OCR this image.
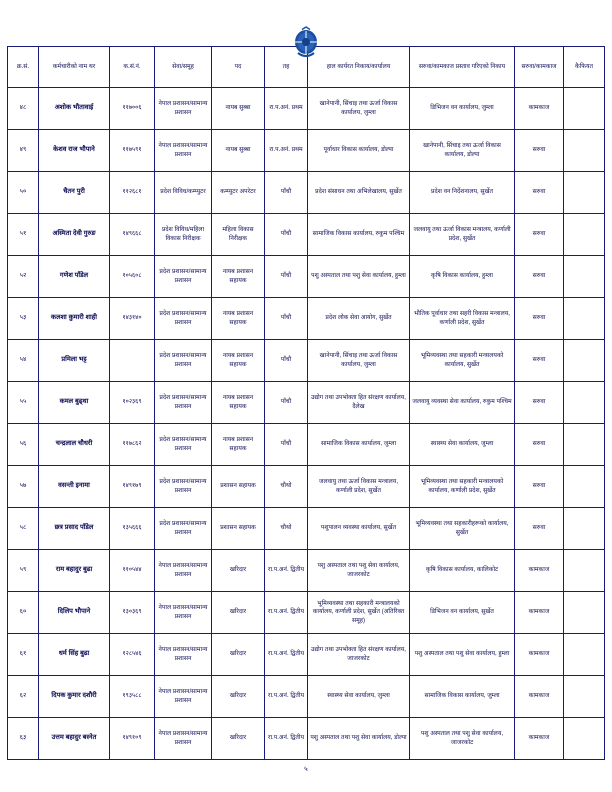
क्र.सं.	कर्मचारीको नाम थर	क.सं.नं.	सेवा/समूह	पद	तह	हाल कार्यरत निकाय/कार्यालय	सरुवा/कामकाज प्रस्ताव गरिएको निकाय	सरुवा/कामकाज	कैफियत
४८	अशोक भौतावाई	११७००६	नेपाल प्रशासन/सामान्य प्रशासन	नायब सुब्बा	रा.प.अनं. प्रथम	खानेपानी, सिंचाइ तथा ऊर्जा विकास कार्यालय, जुम्ला	डिभिजन वन कार्यालय, जुम्ला	कामकाज	
४९	केशव राज भौपाने	११७५९१	नेपाल प्रशासन/सामान्य प्रशासन	नायब सुब्बा	रा.प.अनं. प्रथम	पूर्वाधार विकास कार्यालय, डोल्पा	खानेपानी, सिंचाइ तथा ऊर्जा विकास कार्यालय, डोल्पा	सरुवा	
५०	चैतन पुरी	११२६८१	प्रदेश विविध/कम्प्युटर	कम्प्युटर अपरेटर	पाँचौ	प्रदेश संसाधन तथा अभिलेखालय, सुर्खेत	प्रदेश वन निर्देशनालय, सुर्खेत	सरुवा	
५१	अस्मिता देवी गुरुङ	१४९६६८	प्रदेश विविध/महिला विकास निरीक्षक	महिला विकास निरीक्षक	पाँचौ	सामाजिक विकास कार्यालय, रुकुम पश्चिम	जलवायु तथा ऊर्जा विकास मन्त्रालय, कर्णाली प्रदेश, सुर्खेत	सरुवा	
५२	गणेश पाँडेल	१०५६०८	प्रदेश प्रशासन/सामान्य प्रशासन	नायब प्रशासन सहायक	पाँचौ	पशु अस्पताल तथा पशु सेवा कार्यालय, हुम्ला	कृषि विकास कार्यालय, हुम्ला	सरुवा	
५३	कलशा कुमारी शाही	१४३१४०	प्रदेश प्रशासन/सामान्य प्रशासन	नायब प्रशासन सहायक	पाँचौ	प्रदेश लोक सेवा आयोग, सुर्खेत	भौतिक पूर्वाधार तथा सहरी विकास मन्त्रालय, कर्णाली प्रदेश, सुर्खेत	सरुवा	
५४	प्रमिला भट्ट		प्रदेश प्रशासन/सामान्य प्रशासन	नायब प्रशासन सहायक	पाँचौ	खानेपानी, सिंचाइ तथा ऊर्जा विकास कार्यालय, जुम्ला	भूमिव्यवस्था तथा सहकारी मन्त्रालयको कार्यालय, सुर्खेत	सरुवा	
५५	कमल बुढ्था	१०२३६९	प्रदेश प्रशासन/सामान्य प्रशासन	नायब प्रशासन सहायक	पाँचौ	उद्योग तथा उपभोक्ता हित संरक्षण कार्यालय, दैलेख	जलवायु व्यवस्था सेवा कार्यालय, रुकुम पश्चिम	सरुवा	
५६	चन्द्रलाल चौधरी	११७८६२	प्रदेश प्रशासन/सामान्य प्रशासन	नायब प्रशासन सहायक	पाँचौ	सामाजिक विकास कार्यालय, जुम्ला	स्वास्थ्य सेवा कार्यालय, जुम्ला	सरुवा	
५७	वसन्ती इनामा	१४९१७९	प्रदेश प्रशासन/सामान्य प्रशासन	प्रशासन सहायक	चौथो	जलवायु तथा ऊर्जा विकास मन्त्रालय, कर्णाली प्रदेश, सुर्खेत	भूमिव्यवस्था तथा सहकारी मन्त्रालयको कार्यालय, कर्णाली प्रदेश, सुर्खेत	सरुवा	
५८	छत्र प्रसाद पाँडेल	१३५६६६	प्रदेश प्रशासन/सामान्य प्रशासन	प्रशासन सहायक	चौथो	पशुपालन व्यवस्था कार्यालय, सुर्खेत	भूमिव्यवस्था तथा सहकारीहरूको कार्यालय, सुर्खेत	सरुवा	
५९	राम बहादुर बुढा	११०५४४	नेपाल प्रशासन/सामान्य प्रशासन	खरिदार	रा.प.अनं. द्वितीय	पशु अस्पताल तथा पशु सेवा कार्यालय, जाजरकोट	कृषि विकास कार्यालय, कालिकोट	कामकाज	
६०	दिलिप भौपाने	१३०३६९	नेपाल प्रशासन/सामान्य प्रशासन	खरिदार	रा.प.अनं. द्वितीय	भूमिव्यवस्था तथा सहकारी मन्त्रालयको कार्यालय, कर्णाली प्रदेश, सुर्खेत (अतिरिक्त समूह)	डिभिजन वन कार्यालय, सुर्खेत	कामकाज	
६१	धर्म सिंह बुढा	१२८५४६	नेपाल प्रशासन/सामान्य प्रशासन	खरिदार	रा.प.अनं. द्वितीय	उद्योग तथा उपभोक्ता हित संरक्षण कार्यालय, जाजरकोट	पशु अस्पताल तथा पशु सेवा कार्यालय, हुम्ला	कामकाज	
६२	दिपक कुमार दशौरी	१९३५८८	नेपाल प्रशासन/सामान्य प्रशासन	खरिदार	रा.प.अनं. द्वितीय	स्वास्थ्य सेवा कार्यालय, जुम्ला	सामाजिक विकास कार्यालय, जुम्ला	कामकाज	
६३	उत्तम बहादुर बस्नेत	१४९१०९	नेपाल प्रशासन/सामान्य प्रशासन	खरिदार	रा.प.अनं. द्वितीय	पशु अस्पताल तथा पशु सेवा कार्यालय, डोल्पा	पशु अस्पताल तथा पशु सेवा कार्यालय, जाजरकोट	कामकाज	
५
